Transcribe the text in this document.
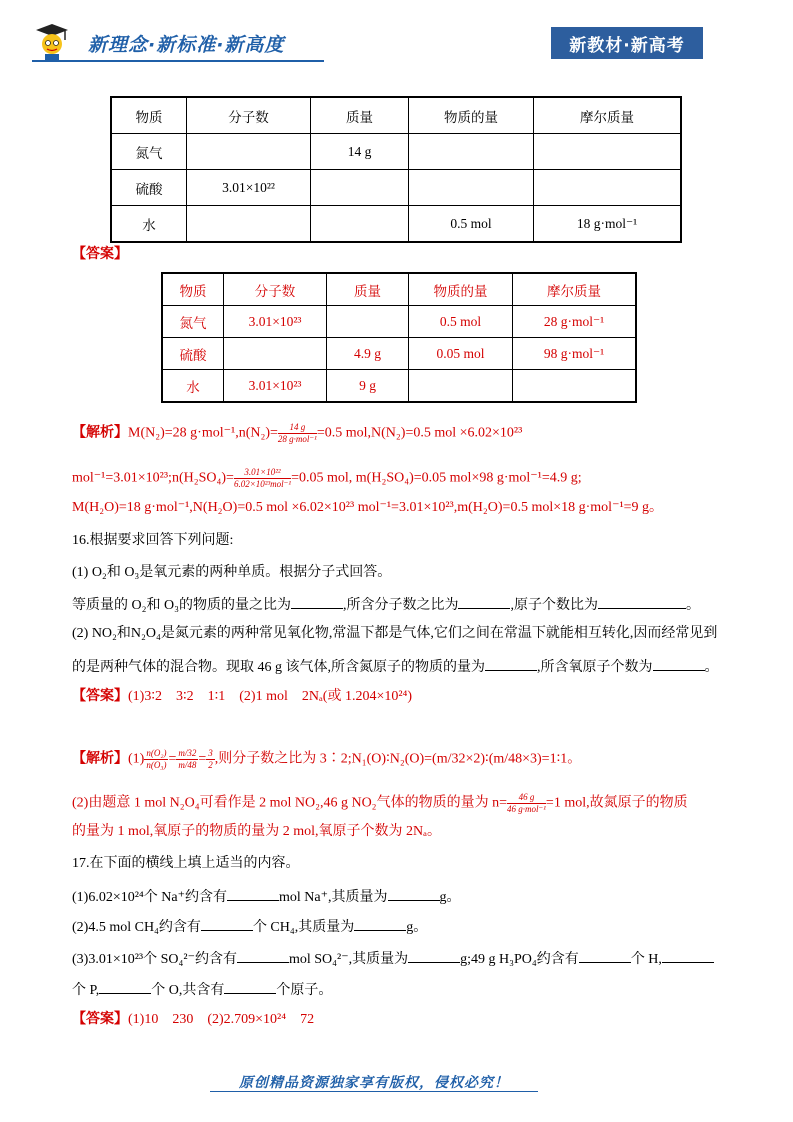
新理念·新标准·新高度	新教材·新高考
物质	分子数	质量	物质的量	摩尔质量
氮气		14 g		
硫酸	3.01×10²²			
水			0.5 mol	18 g·mol⁻¹
【答案】
物质	分子数	质量	物质的量	摩尔质量
氮气	3.01×10²³		0.5 mol	28 g·mol⁻¹
硫酸		4.9 g	0.05 mol	98 g·mol⁻¹
水	3.01×10²³	9 g		
【解析】M(N₂)=28 $g\cdot mol^{-1},n(N_2)= \frac{14 g}{\text{28 g·mol⁻¹}} =0.5$ mol,N(N₂)=0.5 mol ×6.02×10²³
mol⁻¹=3.01×10²³;n(H₂SO₄)= $\frac{\text{3.01×10²²}}{\text{6.02×10²³mol⁻¹}} =0.05$ mol, m(H₂SO₄)=0.05 mol×98 g·mol⁻¹=4.9 g;
M(H₂O)=18 g·mol⁻¹,N(H₂O)=0.5 mol ×6.02×10²³ mol⁻¹=3.01×10²³,m(H₂O)=0.5 mol×18 g·mol⁻¹=9 g。
16.根据要求回答下列问题:
(1) O₂和 O₃是氧元素的两种单质。根据分子式回答。
等质量的 O₂和 O₃的物质的量之比为	,所含分子数之比为	,原子个数比为	。
(2) NO₂和N₂O₄是氮元素的两种常见氧化物,常温下都是气体,它们之间在常温下就能相互转化,因而经常见到
的是两种气体的混合物。现取 46 g 该气体,所含氮原子的物质的量为	,所含氧原子个数为	。
【答案】(1)3∶2　3∶2　1∶1　(2)1 mol　2Nₐ(或 1.204×10²⁴)
【解析】$(1) \frac{\text{n(O₂)}}{\text{n(O₃)}} = \frac{m/32}{m/48} = \frac{3}{2}$ ,则分子数之比为 3∶2;N₁(O)∶N₂(O)=(m/32×2)∶(m/48×3)=1∶1。
(2)由题意 1 mol N₂O₄可看作是 2 mol NO₂,46 g NO₂气体的物质的量为 $n= \frac{46 g}{\text{46 g·mol⁻¹}} =1$ mol,故氮原子的物质
的量为 1 mol,氧原子的物质的量为 2 mol,氧原子个数为 2Nₐ。
17.在下面的横线上填上适当的内容。
(1)6.02×10²⁴个 Na⁺约含有	mol Na⁺,其质量为	g。
(2)4.5 mol CH₄约含有	个 CH₄,其质量为	g。
(3)3.01×10²³个 SO₄²⁻约含有	mol SO₄²⁻,其质量为	g;49 g H₃PO₄约含有	个 H,
个 P,	个 O,共含有	个原子。
【答案】(1)10　230　(2)2.709×10²⁴　72
原创精品资源独家享有版权，侵权必究！
